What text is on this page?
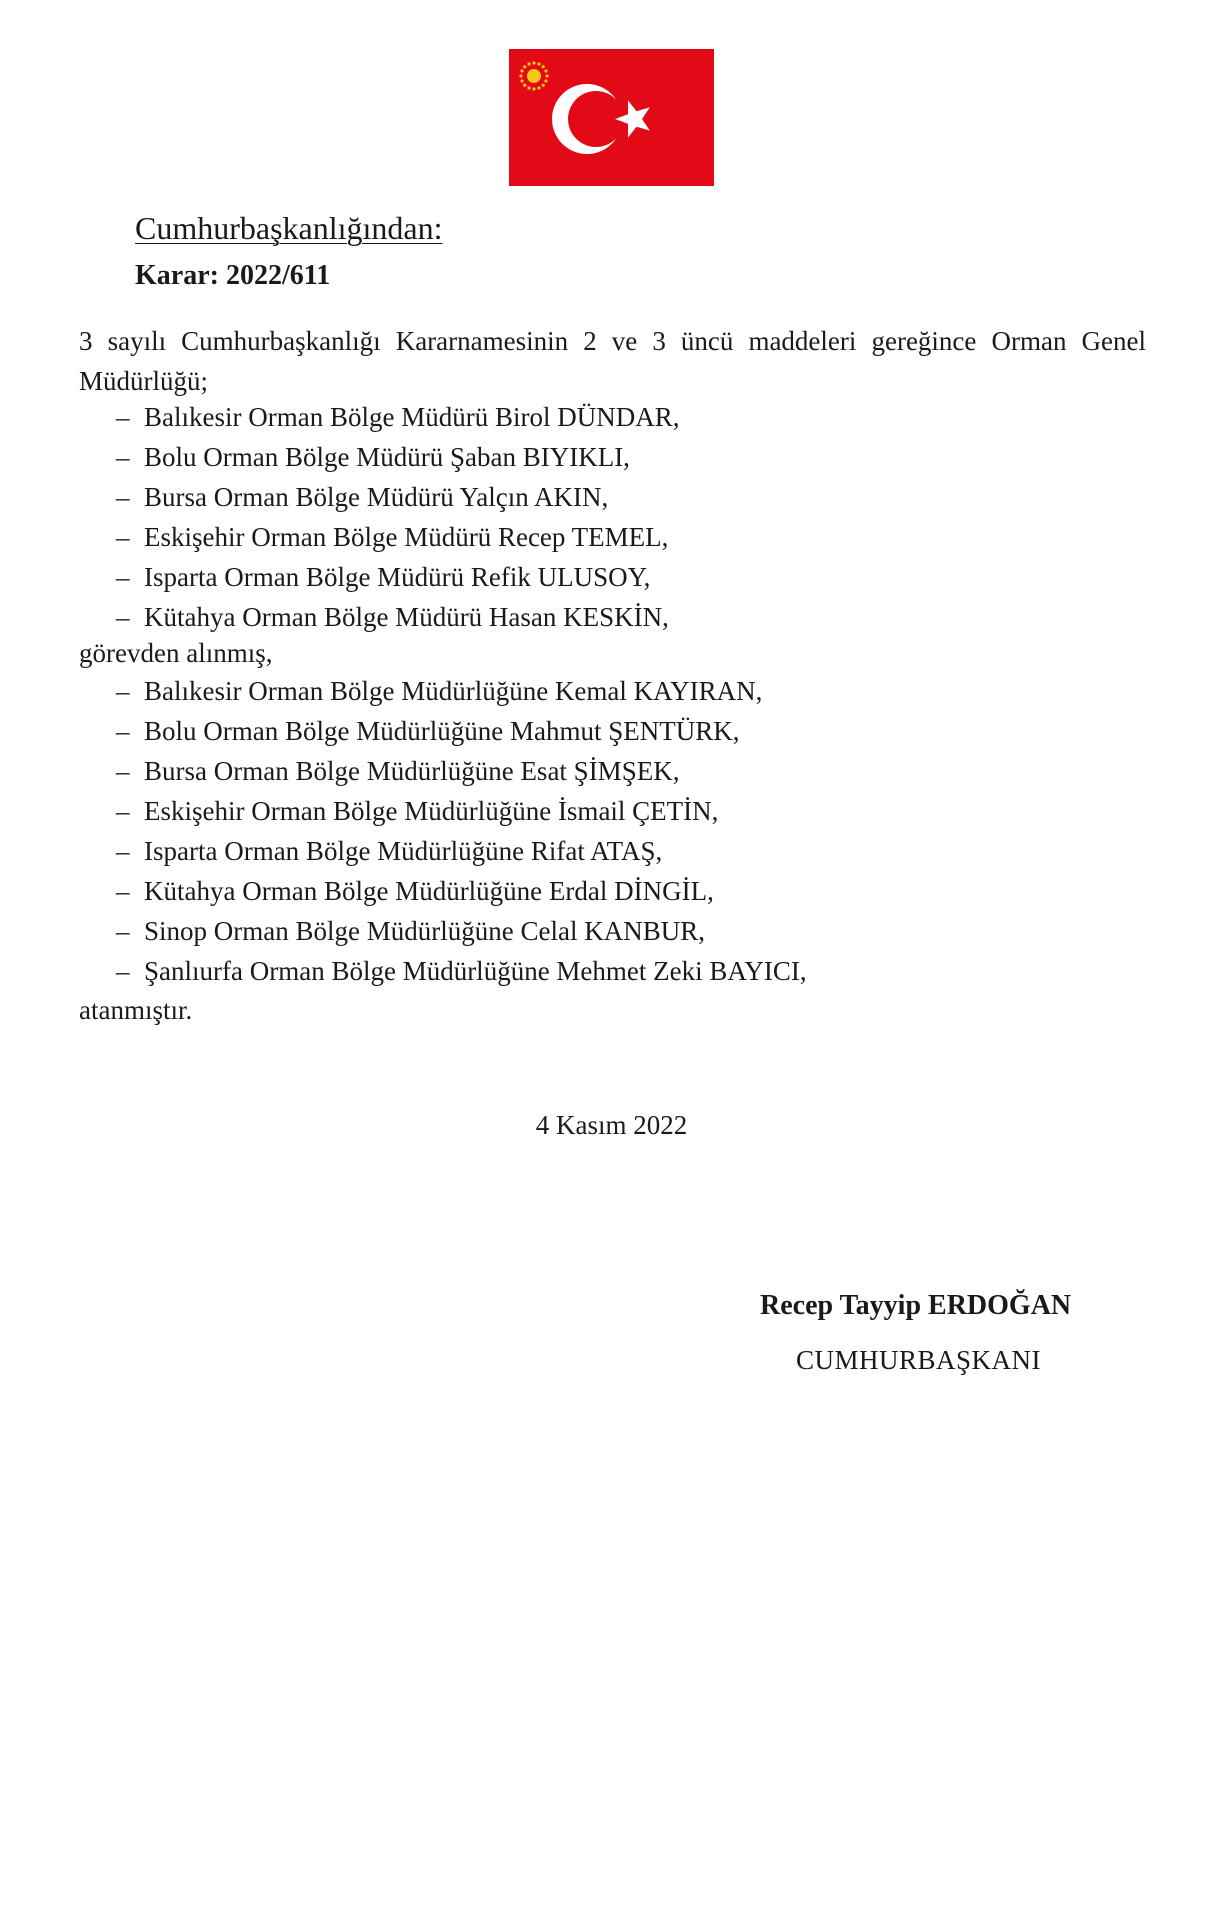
Cumhurbaşkanlığından:
Karar: 2022/611
3 sayılı Cumhurbaşkanlığı Kararnamesinin 2 ve 3 üncü maddeleri gereğince Orman Genel Müdürlüğü;
– Balıkesir Orman Bölge Müdürü Birol DÜNDAR,
– Bolu Orman Bölge Müdürü Şaban BIYIKLI,
– Bursa Orman Bölge Müdürü Yalçın AKIN,
– Eskişehir Orman Bölge Müdürü Recep TEMEL,
– Isparta Orman Bölge Müdürü Refik ULUSOY,
– Kütahya Orman Bölge Müdürü Hasan KESKİN,
görevden alınmış,
– Balıkesir Orman Bölge Müdürlüğüne Kemal KAYIRAN,
– Bolu Orman Bölge Müdürlüğüne Mahmut ŞENTÜRK,
– Bursa Orman Bölge Müdürlüğüne Esat ŞİMŞEK,
– Eskişehir Orman Bölge Müdürlüğüne İsmail ÇETİN,
– Isparta Orman Bölge Müdürlüğüne Rifat ATAŞ,
– Kütahya Orman Bölge Müdürlüğüne Erdal DİNGİL,
– Sinop Orman Bölge Müdürlüğüne Celal KANBUR,
– Şanlıurfa Orman Bölge Müdürlüğüne Mehmet Zeki BAYICI,
atanmıştır.
4 Kasım 2022
Recep Tayyip ERDOĞAN
CUMHURBAŞKANI
